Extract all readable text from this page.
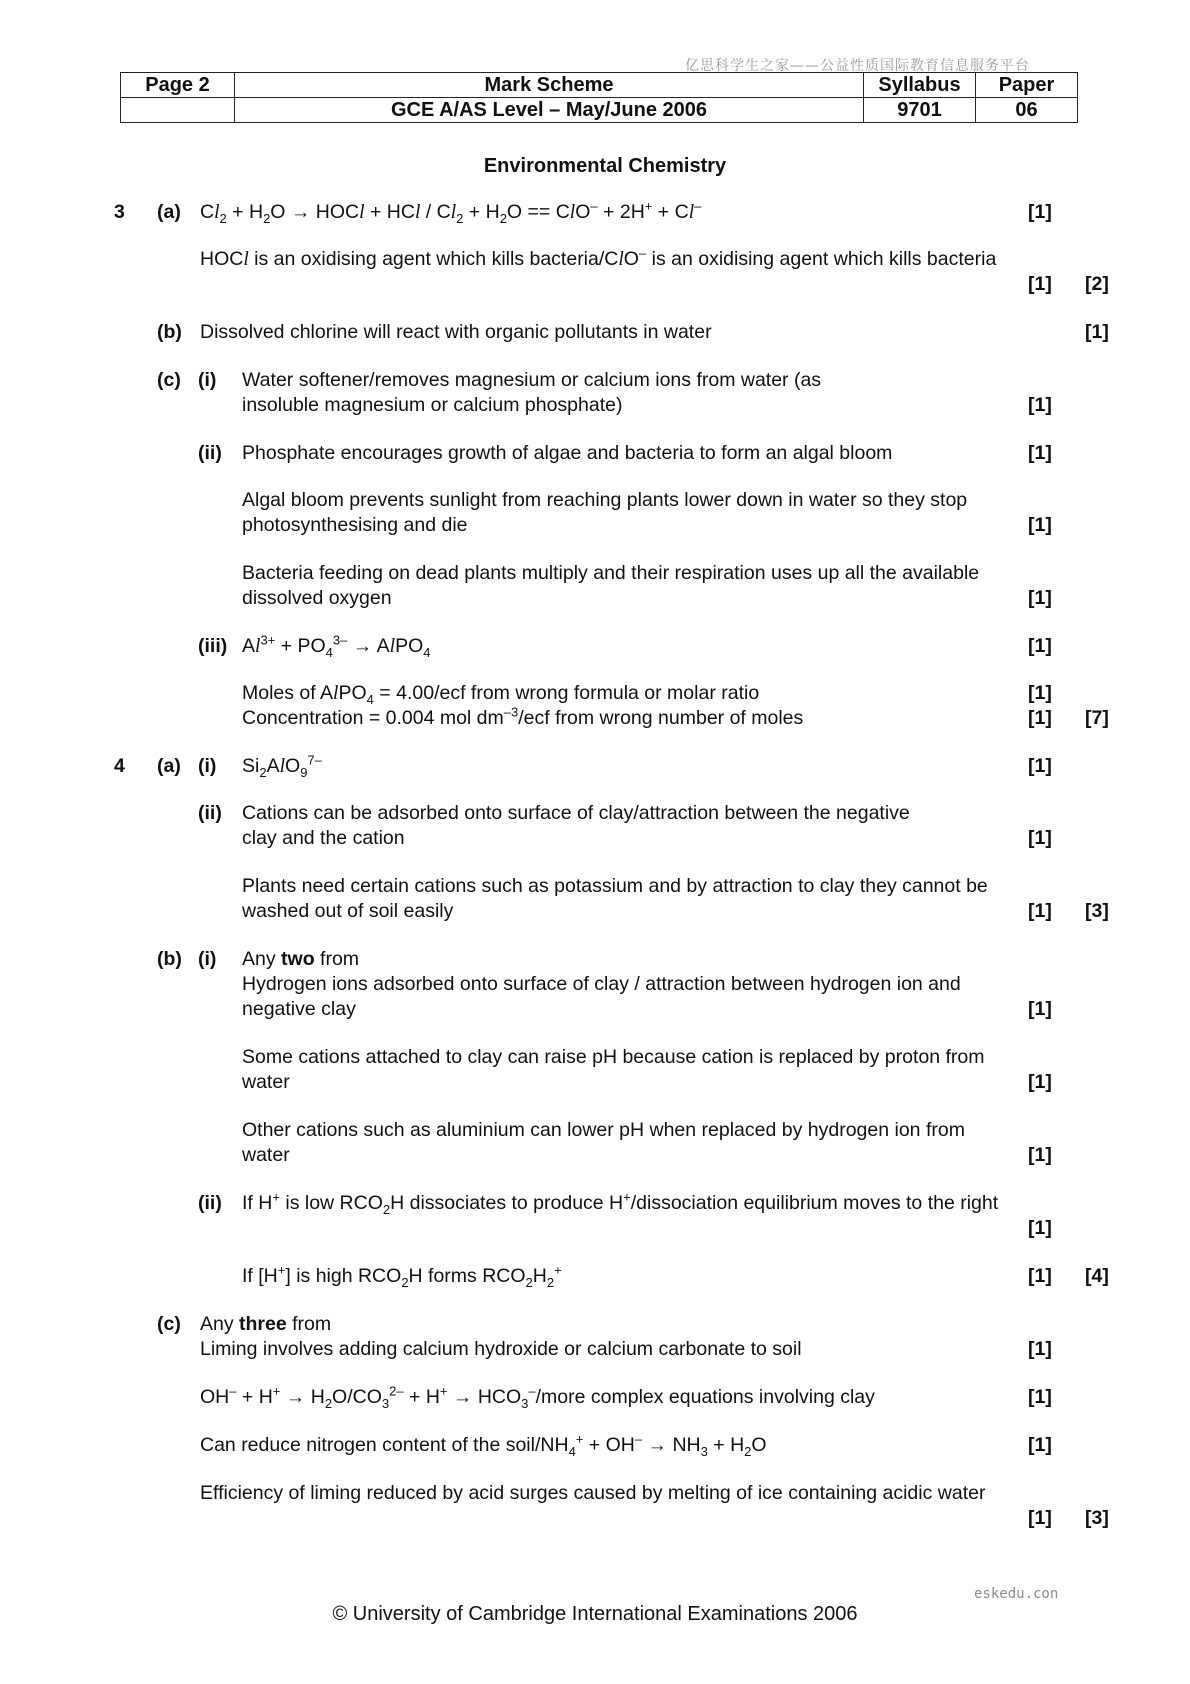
亿思科学生之家——公益性质国际教育信息服务平台
Page 2	Mark Scheme	Syllabus	Paper
	GCE A/AS Level – May/June 2006	9701	06
Environmental Chemistry
3 (a) $Cl_2 + H_2O$ → HOCl + HCl / $Cl_2 + H_2O == ClO^- + 2H^+ + Cl^-$	[1]
HOCl is an oxidising agent which kills bacteria/ClO– is an oxidising agent which kills bacteria
[1] [2]
(b) Dissolved chlorine will react with organic pollutants in water	[1]
(c) (i) Water softener/removes magnesium or calcium ions from water (as insoluble magnesium or calcium phosphate)	[1]
(ii) Phosphate encourages growth of algae and bacteria to form an algal bloom	[1]
Algal bloom prevents sunlight from reaching plants lower down in water so they stop photosynthesising and die	[1]
Bacteria feeding on dead plants multiply and their respiration uses up all the available dissolved oxygen	[1]
(iii) $Al^{3+} + PO_4^{3-}$ → AlPO$_4$	[1]
Moles of AlPO$_4$ = 4.00/ecf from wrong formula or molar ratio	[1]
Concentration = 0.004 mol $dm^{-3}$/ecf from wrong number of moles	[1] [7]
4 (a) (i) $Si_2AlO_9^{7-}$	[1]
(ii) Cations can be adsorbed onto surface of clay/attraction between the negative clay and the cation	[1]
Plants need certain cations such as potassium and by attraction to clay they cannot be washed out of soil easily	[1] [3]
(b) (i) Any two from
Hydrogen ions adsorbed onto surface of clay / attraction between hydrogen ion and negative clay	[1]
Some cations attached to clay can raise pH because cation is replaced by proton from water	[1]
Other cations such as aluminium can lower pH when replaced by hydrogen ion from water	[1]
(ii) If H+ is low $RCO_2H$ dissociates to produce H+/dissociation equilibrium moves to the right
[1]
If [H+] is high $RCO_2H$ forms $RCO_2H_2^+$	[1] [4]
(c) Any three from
Liming involves adding calcium hydroxide or calcium carbonate to soil	[1]
$OH^- + H^+ \to H_2O/CO_3^{2-} + H^+$ → $HCO_3^-$/more complex equations involving clay	[1]
Can reduce nitrogen content of the soil/$NH_4^+ + OH^- \to NH_3 + H_2O$	[1]
Efficiency of liming reduced by acid surges caused by melting of ice containing acidic water
[1] [3]
eskedu.con
© University of Cambridge International Examinations 2006
